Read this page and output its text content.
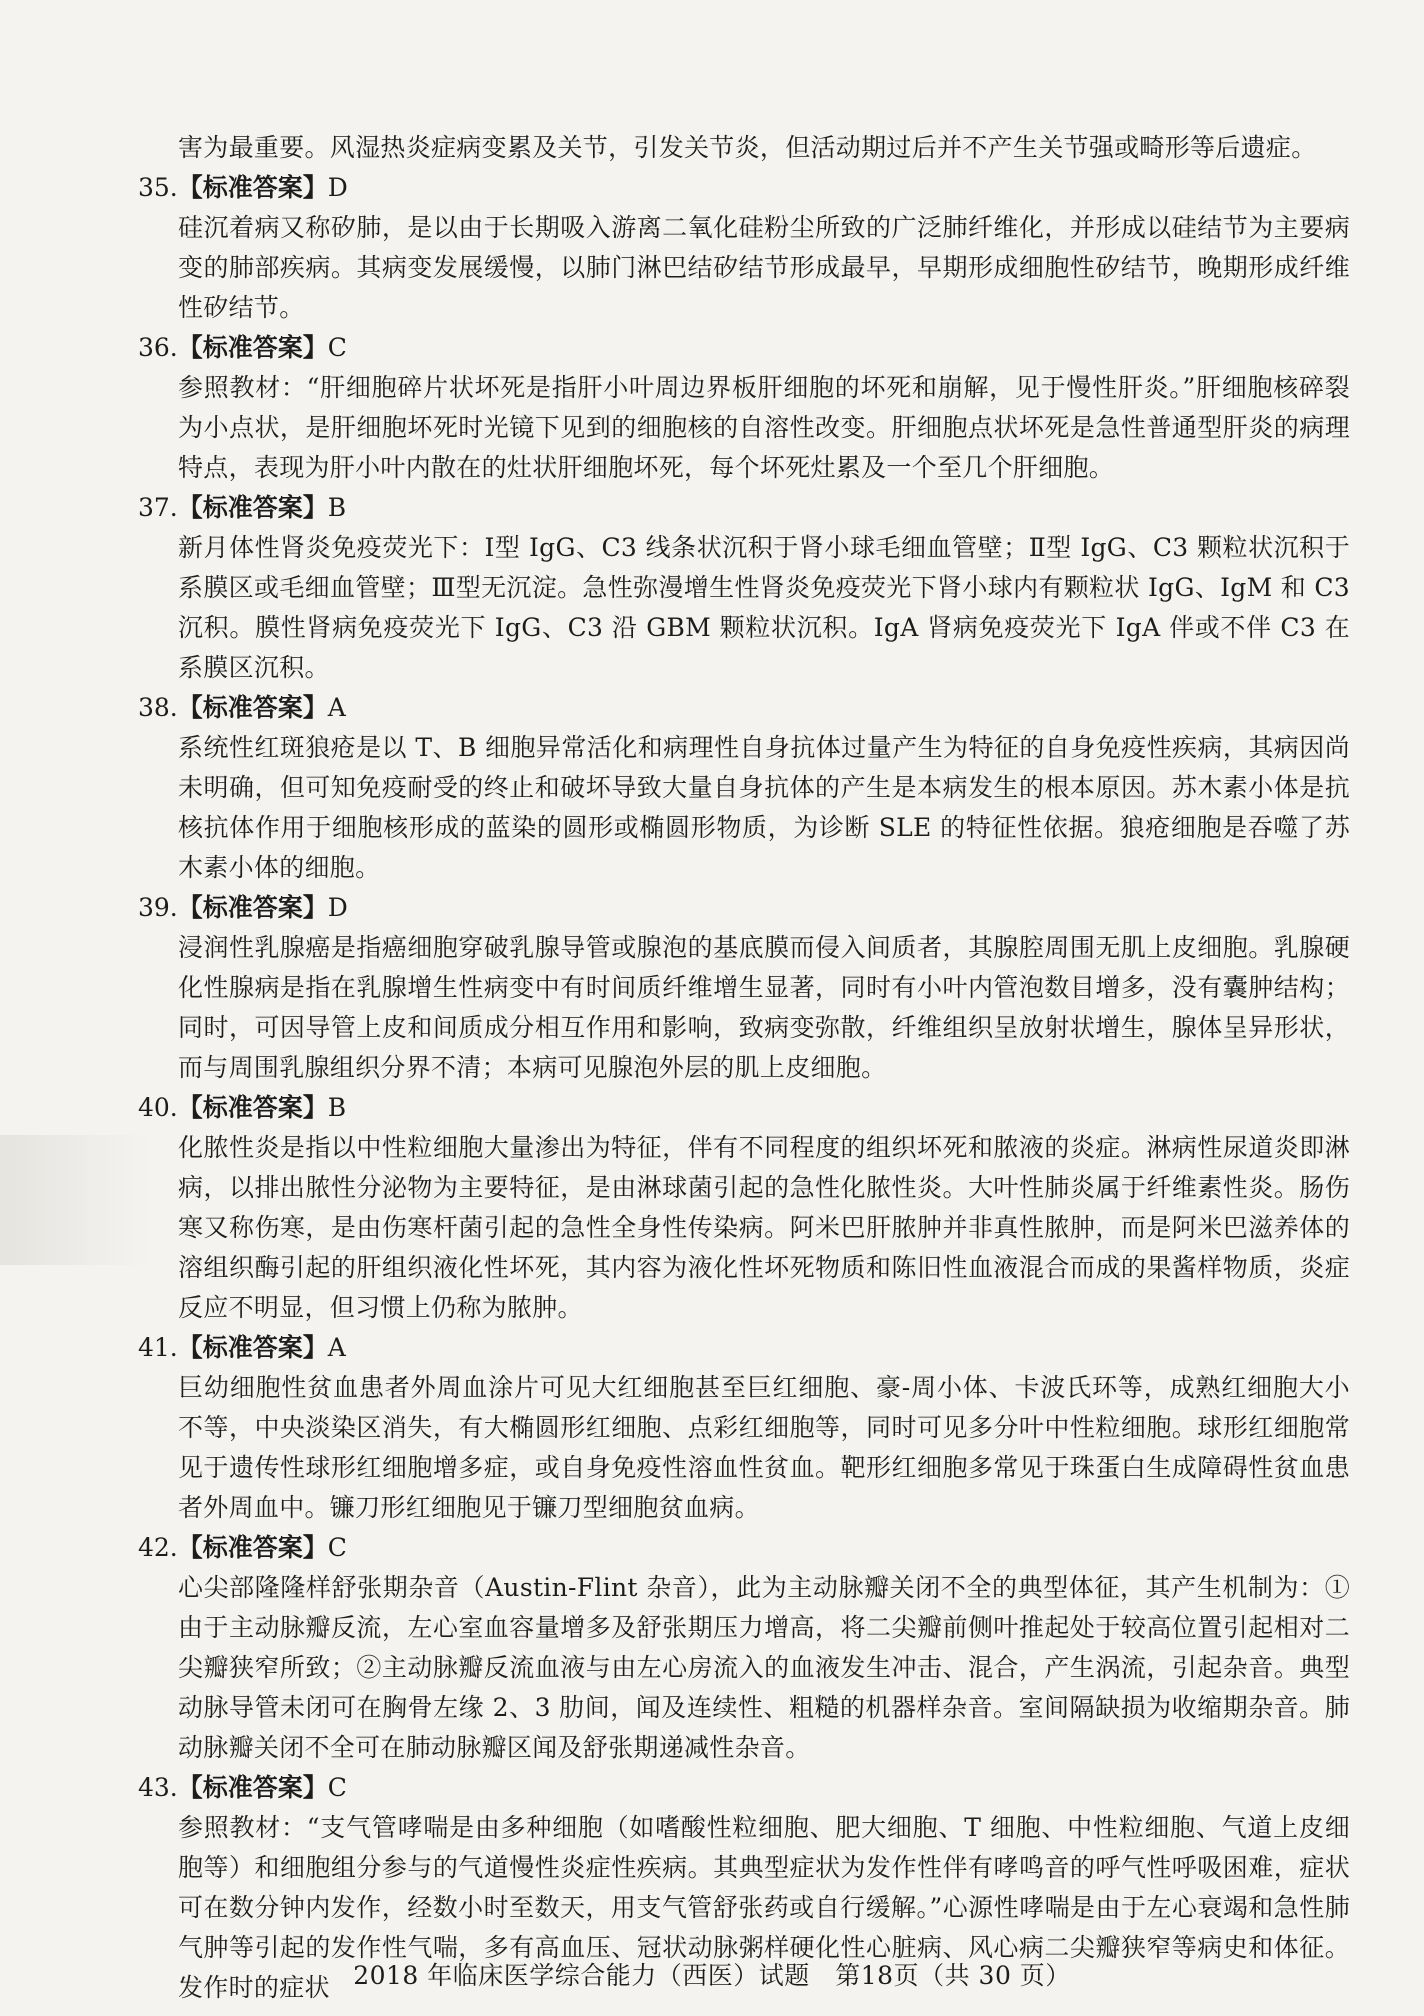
害为最重要。风湿热炎症病变累及关节，引发关节炎，但活动期过后并不产生关节强或畸形等后遗症。

35.【标准答案】D

硅沉着病又称矽肺，是以由于长期吸入游离二氧化硅粉尘所致的广泛肺纤维化，并形成以硅结节为主要病变的肺部疾病。其病变发展缓慢，以肺门淋巴结矽结节形成最早，早期形成细胞性矽结节，晚期形成纤维性矽结节。

36.【标准答案】C

参照教材：“肝细胞碎片状坏死是指肝小叶周边界板肝细胞的坏死和崩解，见于慢性肝炎。”肝细胞核碎裂为小点状，是肝细胞坏死时光镜下见到的细胞核的自溶性改变。肝细胞点状坏死是急性普通型肝炎的病理特点，表现为肝小叶内散在的灶状肝细胞坏死，每个坏死灶累及一个至几个肝细胞。

37.【标准答案】B

新月体性肾炎免疫荧光下：Ⅰ型 IgG、C3 线条状沉积于肾小球毛细血管壁；Ⅱ型 IgG、C3 颗粒状沉积于系膜区或毛细血管壁；Ⅲ型无沉淀。急性弥漫增生性肾炎免疫荧光下肾小球内有颗粒状 IgG、IgM 和 C3 沉积。膜性肾病免疫荧光下 IgG、C3 沿 GBM 颗粒状沉积。IgA 肾病免疫荧光下 IgA 伴或不伴 C3 在系膜区沉积。

38.【标准答案】A

系统性红斑狼疮是以 T、B 细胞异常活化和病理性自身抗体过量产生为特征的自身免疫性疾病，其病因尚未明确，但可知免疫耐受的终止和破坏导致大量自身抗体的产生是本病发生的根本原因。苏木素小体是抗核抗体作用于细胞核形成的蓝染的圆形或椭圆形物质，为诊断 SLE 的特征性依据。狼疮细胞是吞噬了苏木素小体的细胞。

39.【标准答案】D

浸润性乳腺癌是指癌细胞穿破乳腺导管或腺泡的基底膜而侵入间质者，其腺腔周围无肌上皮细胞。乳腺硬化性腺病是指在乳腺增生性病变中有时间质纤维增生显著，同时有小叶内管泡数目增多，没有囊肿结构；同时，可因导管上皮和间质成分相互作用和影响，致病变弥散，纤维组织呈放射状增生，腺体呈异形状，而与周围乳腺组织分界不清；本病可见腺泡外层的肌上皮细胞。

40.【标准答案】B

化脓性炎是指以中性粒细胞大量渗出为特征，伴有不同程度的组织坏死和脓液的炎症。淋病性尿道炎即淋病，以排出脓性分泌物为主要特征，是由淋球菌引起的急性化脓性炎。大叶性肺炎属于纤维素性炎。肠伤寒又称伤寒，是由伤寒杆菌引起的急性全身性传染病。阿米巴肝脓肿并非真性脓肿，而是阿米巴滋养体的溶组织酶引起的肝组织液化性坏死，其内容为液化性坏死物质和陈旧性血液混合而成的果酱样物质，炎症反应不明显，但习惯上仍称为脓肿。

41.【标准答案】A

巨幼细胞性贫血患者外周血涂片可见大红细胞甚至巨红细胞、豪-周小体、卡波氏环等，成熟红细胞大小不等，中央淡染区消失，有大椭圆形红细胞、点彩红细胞等，同时可见多分叶中性粒细胞。球形红细胞常见于遗传性球形红细胞增多症，或自身免疫性溶血性贫血。靶形红细胞多常见于珠蛋白生成障碍性贫血患者外周血中。镰刀形红细胞见于镰刀型细胞贫血病。

42.【标准答案】C

心尖部隆隆样舒张期杂音（Austin-Flint 杂音），此为主动脉瓣关闭不全的典型体征，其产生机制为：①由于主动脉瓣反流，左心室血容量增多及舒张期压力增高，将二尖瓣前侧叶推起处于较高位置引起相对二尖瓣狭窄所致；②主动脉瓣反流血液与由左心房流入的血液发生冲击、混合，产生涡流，引起杂音。典型动脉导管未闭可在胸骨左缘 2、3 肋间，闻及连续性、粗糙的机器样杂音。室间隔缺损为收缩期杂音。肺动脉瓣关闭不全可在肺动脉瓣区闻及舒张期递减性杂音。

43.【标准答案】C

参照教材：“支气管哮喘是由多种细胞（如嗜酸性粒细胞、肥大细胞、T 细胞、中性粒细胞、气道上皮细胞等）和细胞组分参与的气道慢性炎症性疾病。其典型症状为发作性伴有哮鸣音的呼气性呼吸困难，症状可在数分钟内发作，经数小时至数天，用支气管舒张药或自行缓解。”心源性哮喘是由于左心衰竭和急性肺气肿等引起的发作性气喘，多有高血压、冠状动脉粥样硬化性心脏病、风心病二尖瓣狭窄等病史和体征。发作时的症状 2018 年临床医学综合能力（西医）试题　第18页（共 30 页）
